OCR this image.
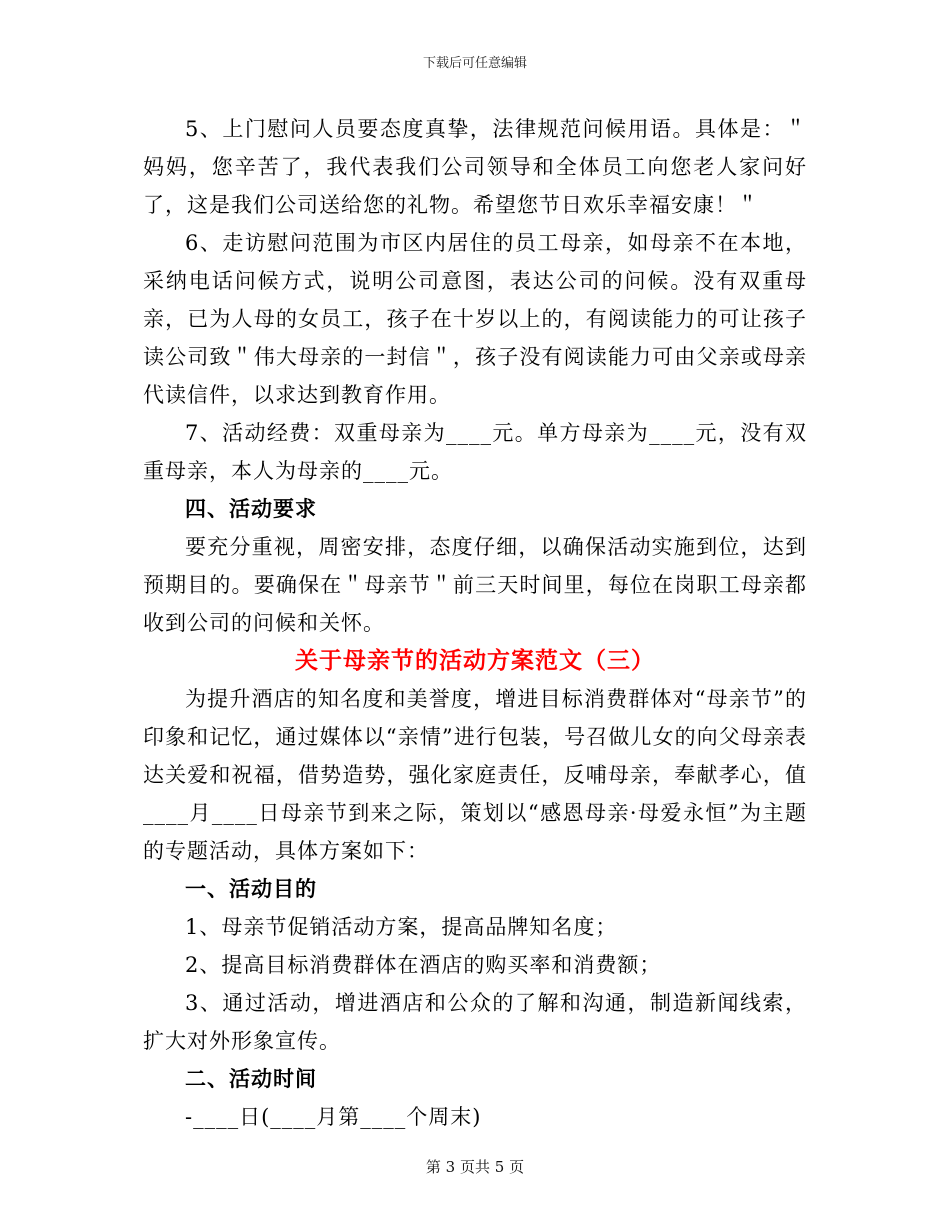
下载后可任意编辑

5、上门慰问人员要态度真挚，法律规范问候用语。具体是：＂妈妈，您辛苦了，我代表我们公司领导和全体员工向您老人家问好了，这是我们公司送给您的礼物。希望您节日欢乐幸福安康！＂

6、走访慰问范围为市区内居住的员工母亲，如母亲不在本地，采纳电话问候方式，说明公司意图，表达公司的问候。没有双重母亲，已为人母的女员工，孩子在十岁以上的，有阅读能力的可让孩子读公司致＂伟大母亲的一封信＂，孩子没有阅读能力可由父亲或母亲代读信件，以求达到教育作用。

7、活动经费：双重母亲为____元。单方母亲为____元，没有双重母亲，本人为母亲的____元。

四、活动要求

要充分重视，周密安排，态度仔细，以确保活动实施到位，达到预期目的。要确保在＂母亲节＂前三天时间里，每位在岗职工母亲都收到公司的问候和关怀。

关于母亲节的活动方案范文（三）

为提升酒店的知名度和美誉度，增进目标消费群体对“母亲节”的印象和记忆，通过媒体以“亲情”进行包装，号召做儿女的向父母亲表达关爱和祝福，借势造势，强化家庭责任，反哺母亲，奉献孝心，值____月____日母亲节到来之际，策划以“感恩母亲·母爱永恒”为主题的专题活动，具体方案如下：

一、活动目的

1、母亲节促销活动方案，提高品牌知名度；

2、提高目标消费群体在酒店的购买率和消费额；

3、通过活动，增进酒店和公众的了解和沟通，制造新闻线索，扩大对外形象宣传。

二、活动时间

-____日(____月第____个周末)

第 3 页共 5 页
